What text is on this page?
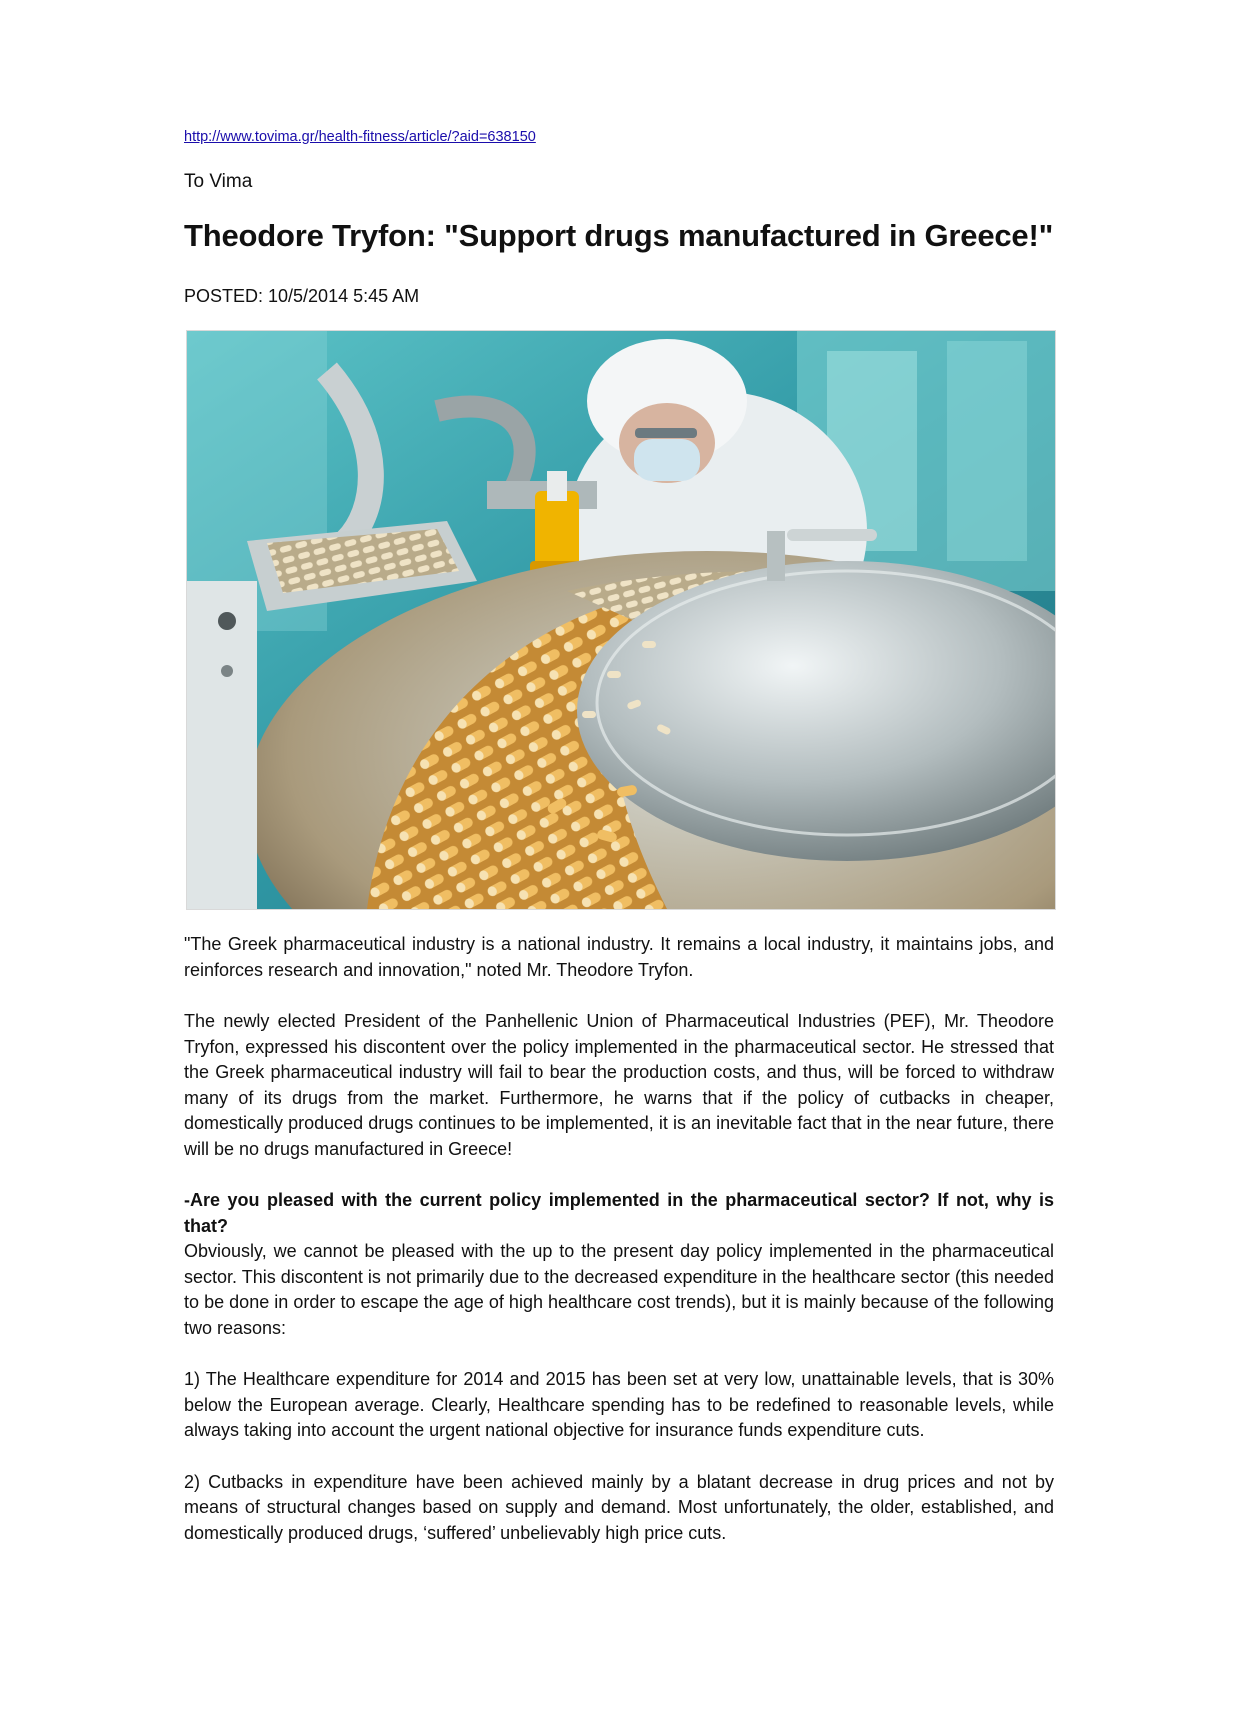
http://www.tovima.gr/health-fitness/article/?aid=638150
To Vima
Theodore Tryfon: "Support drugs manufactured in Greece!"
POSTED: 10/5/2014 5:45 AM

"The Greek pharmaceutical industry is a national industry. It remains a local industry, it maintains jobs, and reinforces research and innovation," noted Mr. Theodore Tryfon.

The newly elected President of the Panhellenic Union of Pharmaceutical Industries (PEF), Mr. Theodore Tryfon, expressed his discontent over the policy implemented in the pharmaceutical sector. He stressed that the Greek pharmaceutical industry will fail to bear the production costs, and thus, will be forced to withdraw many of its drugs from the market. Furthermore, he warns that if the policy of cutbacks in cheaper, domestically produced drugs continues to be implemented, it is an inevitable fact that in the near future, there will be no drugs manufactured in Greece!

-Are you pleased with the current policy implemented in the pharmaceutical sector? If not, why is that?

Obviously, we cannot be pleased with the up to the present day policy implemented in the pharmaceutical sector. This discontent is not primarily due to the decreased expenditure in the healthcare sector (this needed to be done in order to escape the age of high healthcare cost trends), but it is mainly because of the following two reasons:

1) The Healthcare expenditure for 2014 and 2015 has been set at very low, unattainable levels, that is 30% below the European average. Clearly, Healthcare spending has to be redefined to reasonable levels, while always taking into account the urgent national objective for insurance funds expenditure cuts.

2) Cutbacks in expenditure have been achieved mainly by a blatant decrease in drug prices and not by means of structural changes based on supply and demand. Most unfortunately, the older, established, and domestically produced drugs, ‘suffered’ unbelievably high price cuts.
